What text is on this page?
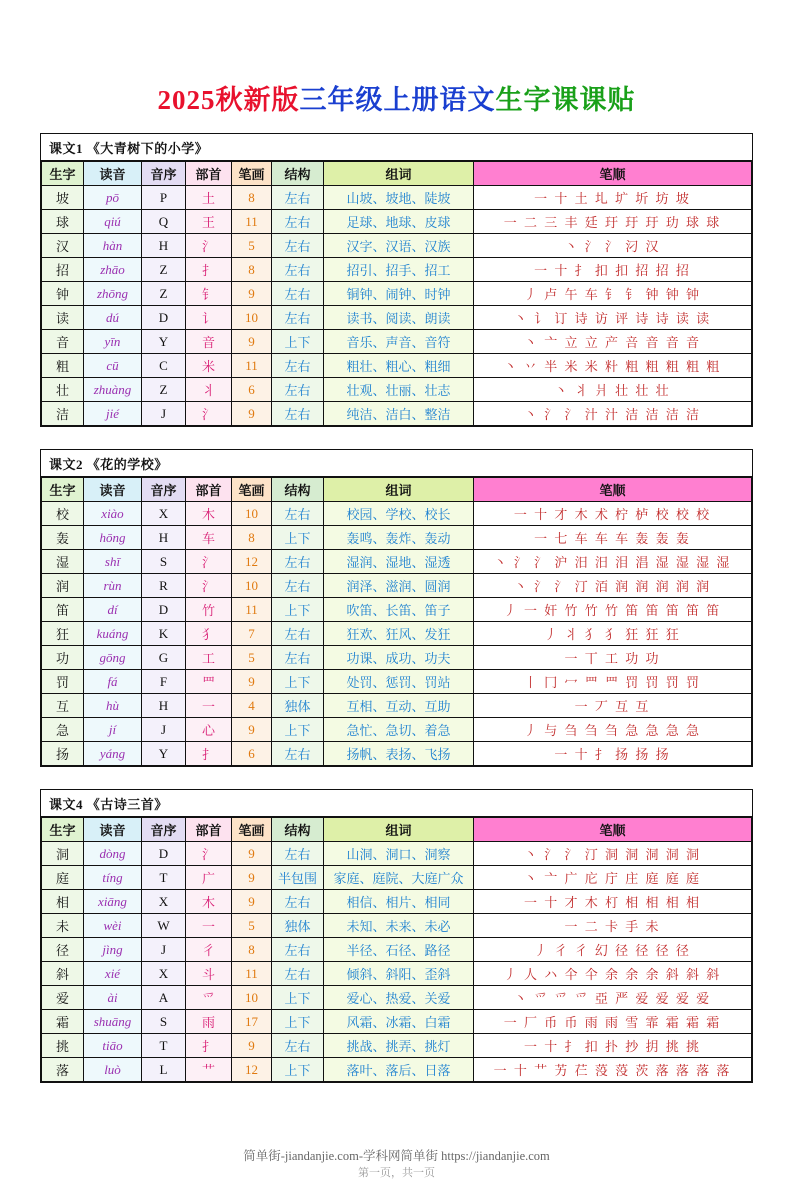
2025秋新版三年级上册语文生字课课贴
课文1 《大青树下的小学》
生字	读音	音序	部首	笔画	结构	组词	笔顺
坡	pō	P	土	8	左右	山坡、坡地、陡坡	一 十 土 圠 圹 圻 坊 坡
球	qiú	Q	王	11	左右	足球、地球、皮球	一 二 三 丰 廷 玗 玗 玗 玏 球 球
汉	hàn	H	氵	5	左右	汉字、汉语、汉族	丶 氵 氵 汈 汉
招	zhāo	Z	扌	8	左右	招引、招手、招工	一 十 扌 扣 扣 招 招 招
钟	zhōng	Z	钅	9	左右	铜钟、闹钟、时钟	丿 卢 午 车 钅 钅 钟 钟 钟
读	dú	D	讠	10	左右	读书、阅读、朗读	丶 讠 订 诗 访 评 诗 诗 读 读
音	yīn	Y	音	9	上下	音乐、声音、音符	丶 亠 立 立 产 咅 音 音 音
粗	cū	C	米	11	左右	粗壮、粗心、粗细	丶 丷 半 米 米 籵 粗 粗 粗 粗 粗
壮	zhuàng	Z	丬	6	左右	壮观、壮丽、壮志	丶 丬 爿 壮 壮 壮
洁	jié	J	氵	9	左右	纯洁、洁白、整洁	丶 氵 氵 汁 汁 洁 洁 洁 洁
课文2 《花的学校》
生字	读音	音序	部首	笔画	结构	组词	笔顺
校	xiào	X	木	10	左右	校园、学校、校长	一 十 才 木 术 柠 栌 校 校 校
轰	hōng	H	车	8	上下	轰鸣、轰炸、轰动	一 七 车 车 车 轰 轰 轰
湿	shī	S	氵	12	左右	湿润、湿地、湿透	丶 氵 氵 沪 汨 汨 泪 淐 湿 湿 湿 湿
润	rùn	R	氵	10	左右	润泽、滋润、圆润	丶 氵 氵 汀 洦 润 润 润 润 润
笛	dí	D	竹	11	上下	吹笛、长笛、笛子	丿 一 奸 竹 竹 竹 笛 笛 笛 笛 笛
狂	kuáng	K	犭	7	左右	狂欢、狂风、发狂	丿 丬 犭 犭 狂 狂 狂
功	gōng	G	工	5	左右	功课、成功、功夫	一 丅 工 功 功
罚	fá	F	罒	9	上下	处罚、惩罚、罚站	丨 冂 冖 罒 罒 罚 罚 罚 罚
互	hù	H	一	4	独体	互相、互动、互助	一 丆 互 互
急	jí	J	心	9	上下	急忙、急切、着急	丿 与 刍 刍 刍 急 急 急 急
扬	yáng	Y	扌	6	左右	扬帆、表扬、飞扬	一 十 扌 扬 扬 扬
课文4 《古诗三首》
生字	读音	音序	部首	笔画	结构	组词	笔顺
洞	dòng	D	氵	9	左右	山洞、洞口、洞察	丶 氵 氵 汀 洞 洞 洞 洞 洞
庭	tíng	T	广	9	半包围	家庭、庭院、大庭广众	丶 亠 广 庀 庁 庄 庭 庭 庭
相	xiāng	X	木	9	左右	相信、相片、相同	一 十 才 木 朾 相 相 相 相
未	wèi	W	一	5	独体	未知、未来、未必	一 二 卡 手 未
径	jìng	J	彳	8	左右	半径、石径、路径	丿 彳 彳 幻 径 径 径 径
斜	xié	X	斗	11	左右	倾斜、斜阳、歪斜	丿 人 ハ 仐 仐 余 余 余 斜 斜 斜
爱	ài	A	爫	10	上下	爱心、热爱、关爱	丶 爫 爫 爫 亞 严 爱 爱 爱 爱
霜	shuāng	S	雨	17	上下	风霜、冰霜、白霜	一 厂 币 币 雨 雨 雪 霏 霜 霜 霜
挑	tiāo	T	扌	9	左右	挑战、挑弄、挑灯	一 十 扌 扣 扑 抄 抈 挑 挑
落	luò	L	艹	12	上下	落叶、落后、日落	一 十 艹 艻 芢 莈 莈 茨 落 落 落 落
简单街-jiandanjie.com-学科网简单街 https://jiandanjie.com
第一页，共一页
